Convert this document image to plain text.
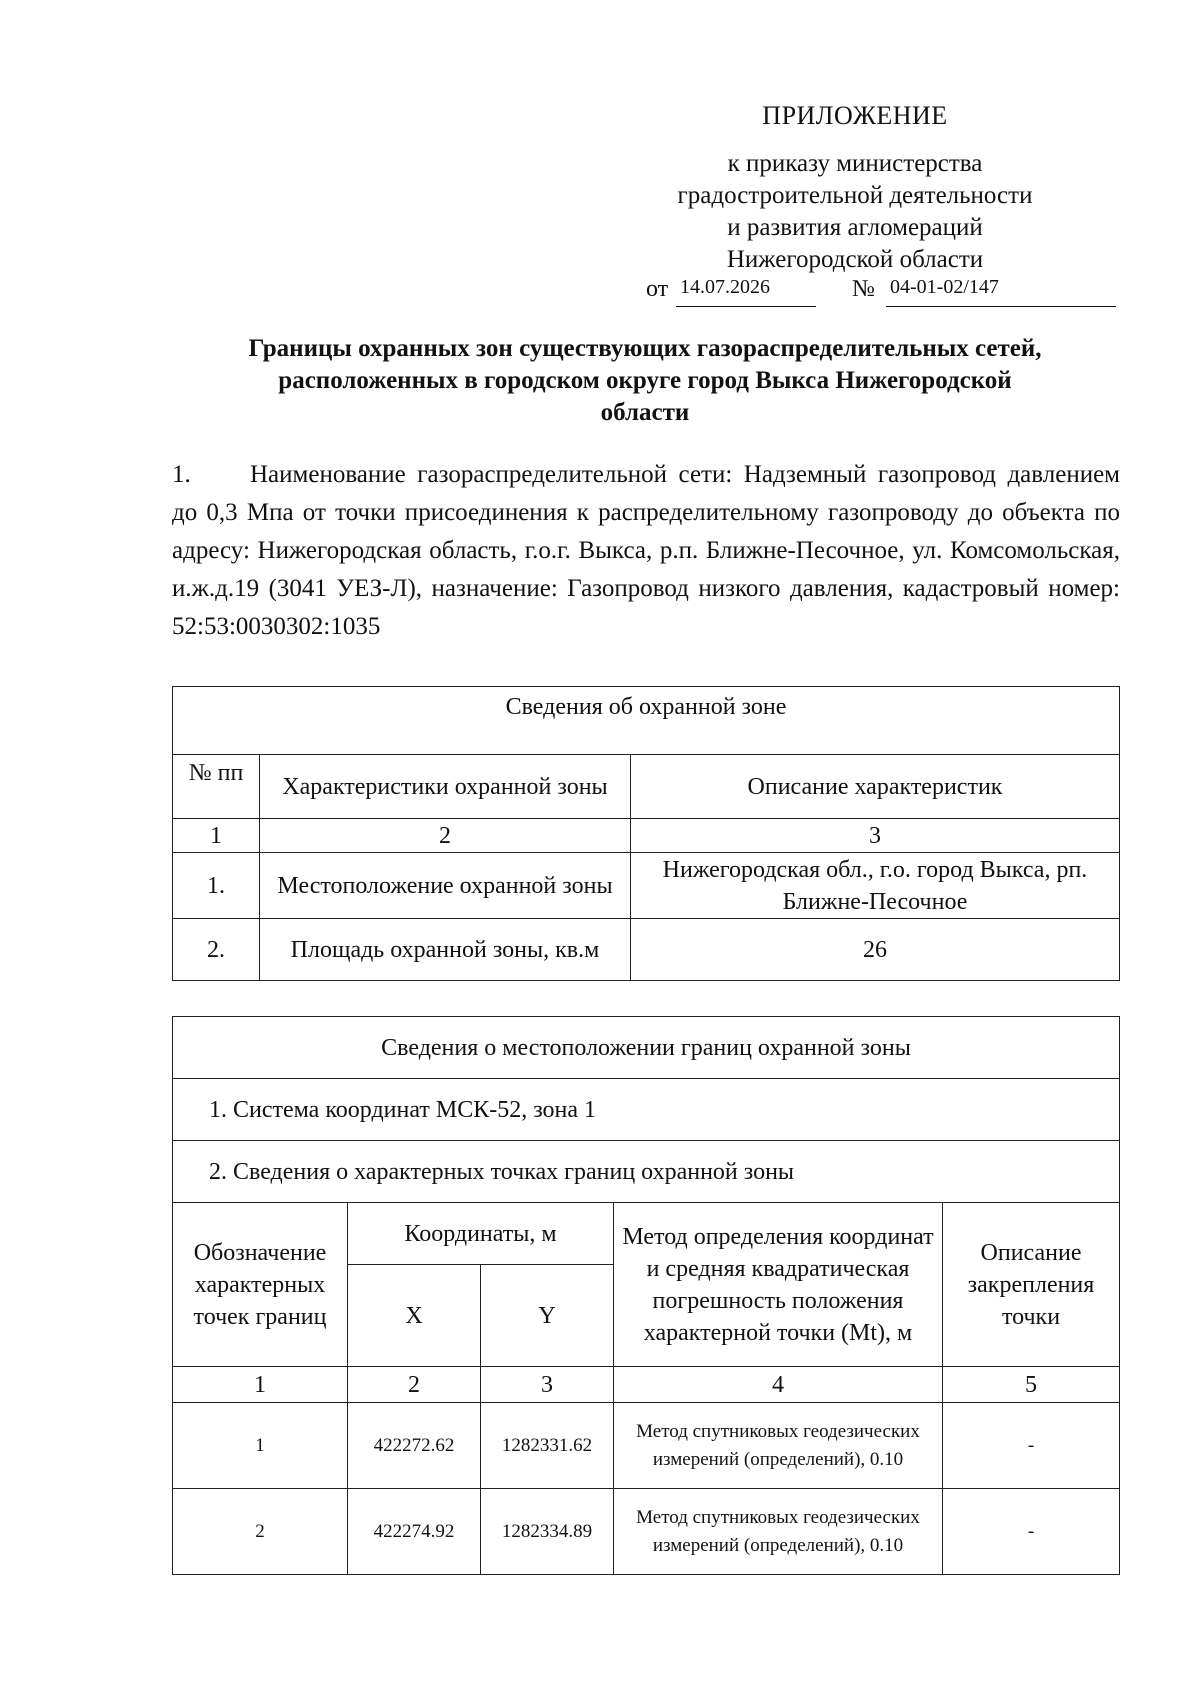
ПРИЛОЖЕНИЕ
к приказу министерства
градостроительной деятельности
и развития агломераций
Нижегородской области
от 14.07.2026	№ 04-01-02/147
Границы охранных зон существующих газораспределительных сетей,
расположенных в городском округе город Выкса Нижегородской
области
1. Наименование газораспределительной сети: Надземный газопровод давлением до 0,3 Мпа от точки присоединения к распределительному газопроводу до объекта по адресу: Нижегородская область, г.о.г. Выкса, р.п. Ближне-Песочное, ул. Комсомольская, и.ж.д.19 (3041 УЕЗ-Л), назначение: Газопровод низкого давления, кадастровый номер: 52:53:0030302:1035
Сведения об охранной зоне		
№ пп	Характеристики охранной зоны	Описание характеристик
1	2	3
1.	Местоположение охранной зоны	Нижегородская обл., г.о. город Выкса, рп. Ближне-Песочное
2.	Площадь охранной зоны, кв.м	26
Сведения о местоположении границ охранной зоны				
1. Система координат МСК-52, зона 1				
2. Сведения о характерных точках границ охранной зоны				
Обозначение характерных точек границ	Координаты, м		Метод определения координат и средняя квадратическая погрешность положения характерной точки (Mt), м	Описание закрепления точки
	X	Y		
1	2	3	4	5
1	422272.62	1282331.62	Метод спутниковых геодезических измерений (определений), 0.10	-
2	422274.92	1282334.89	Метод спутниковых геодезических измерений (определений), 0.10	-
